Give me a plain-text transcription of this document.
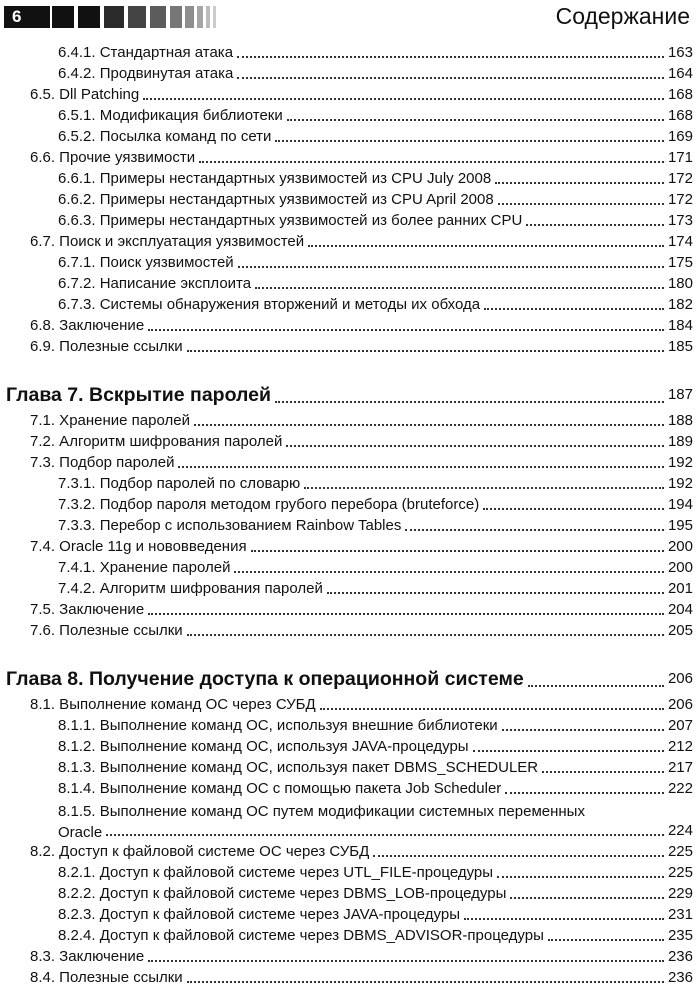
6	Содержание
6.4.1. Стандартная атака	163
6.4.2. Продвинутая атака	164
6.5. Dll Patching	168
6.5.1. Модификация библиотеки	168
6.5.2. Посылка команд по сети	169
6.6. Прочие уязвимости	171
6.6.1. Примеры нестандартных уязвимостей из CPU July 2008	172
6.6.2. Примеры нестандартных уязвимостей из CPU April 2008	172
6.6.3. Примеры нестандартных уязвимостей из более ранних CPU	173
6.7. Поиск и эксплуатация уязвимостей	174
6.7.1. Поиск уязвимостей	175
6.7.2. Написание эксплоита	180
6.7.3. Системы обнаружения вторжений и методы их обхода	182
6.8. Заключение	184
6.9. Полезные ссылки	185
Глава 7. Вскрытие паролей	187
7.1. Хранение паролей	188
7.2. Алгоритм шифрования паролей	189
7.3. Подбор паролей	192
7.3.1. Подбор паролей по словарю	192
7.3.2. Подбор пароля методом грубого перебора (bruteforce)	194
7.3.3. Перебор с использованием Rainbow Tables	195
7.4. Oracle 11g и нововведения	200
7.4.1. Хранение паролей	200
7.4.2. Алгоритм шифрования паролей	201
7.5. Заключение	204
7.6. Полезные ссылки	205
Глава 8. Получение доступа к операционной системе	206
8.1. Выполнение команд ОС через СУБД	206
8.1.1. Выполнение команд ОС, используя внешние библиотеки	207
8.1.2. Выполнение команд ОС, используя JAVA-процедуры	212
8.1.3. Выполнение команд ОС, используя пакет DBMS_SCHEDULER	217
8.1.4. Выполнение команд ОС с помощью пакета Job Scheduler	222
8.1.5. Выполнение команд ОС путем модификации системных переменных Oracle	224
8.2. Доступ к файловой системе ОС через СУБД	225
8.2.1. Доступ к файловой системе через UTL_FILE-процедуры	225
8.2.2. Доступ к файловой системе через DBMS_LOB-процедуры	229
8.2.3. Доступ к файловой системе через JAVA-процедуры	231
8.2.4. Доступ к файловой системе через DBMS_ADVISOR-процедуры	235
8.3. Заключение	236
8.4. Полезные ссылки	236
